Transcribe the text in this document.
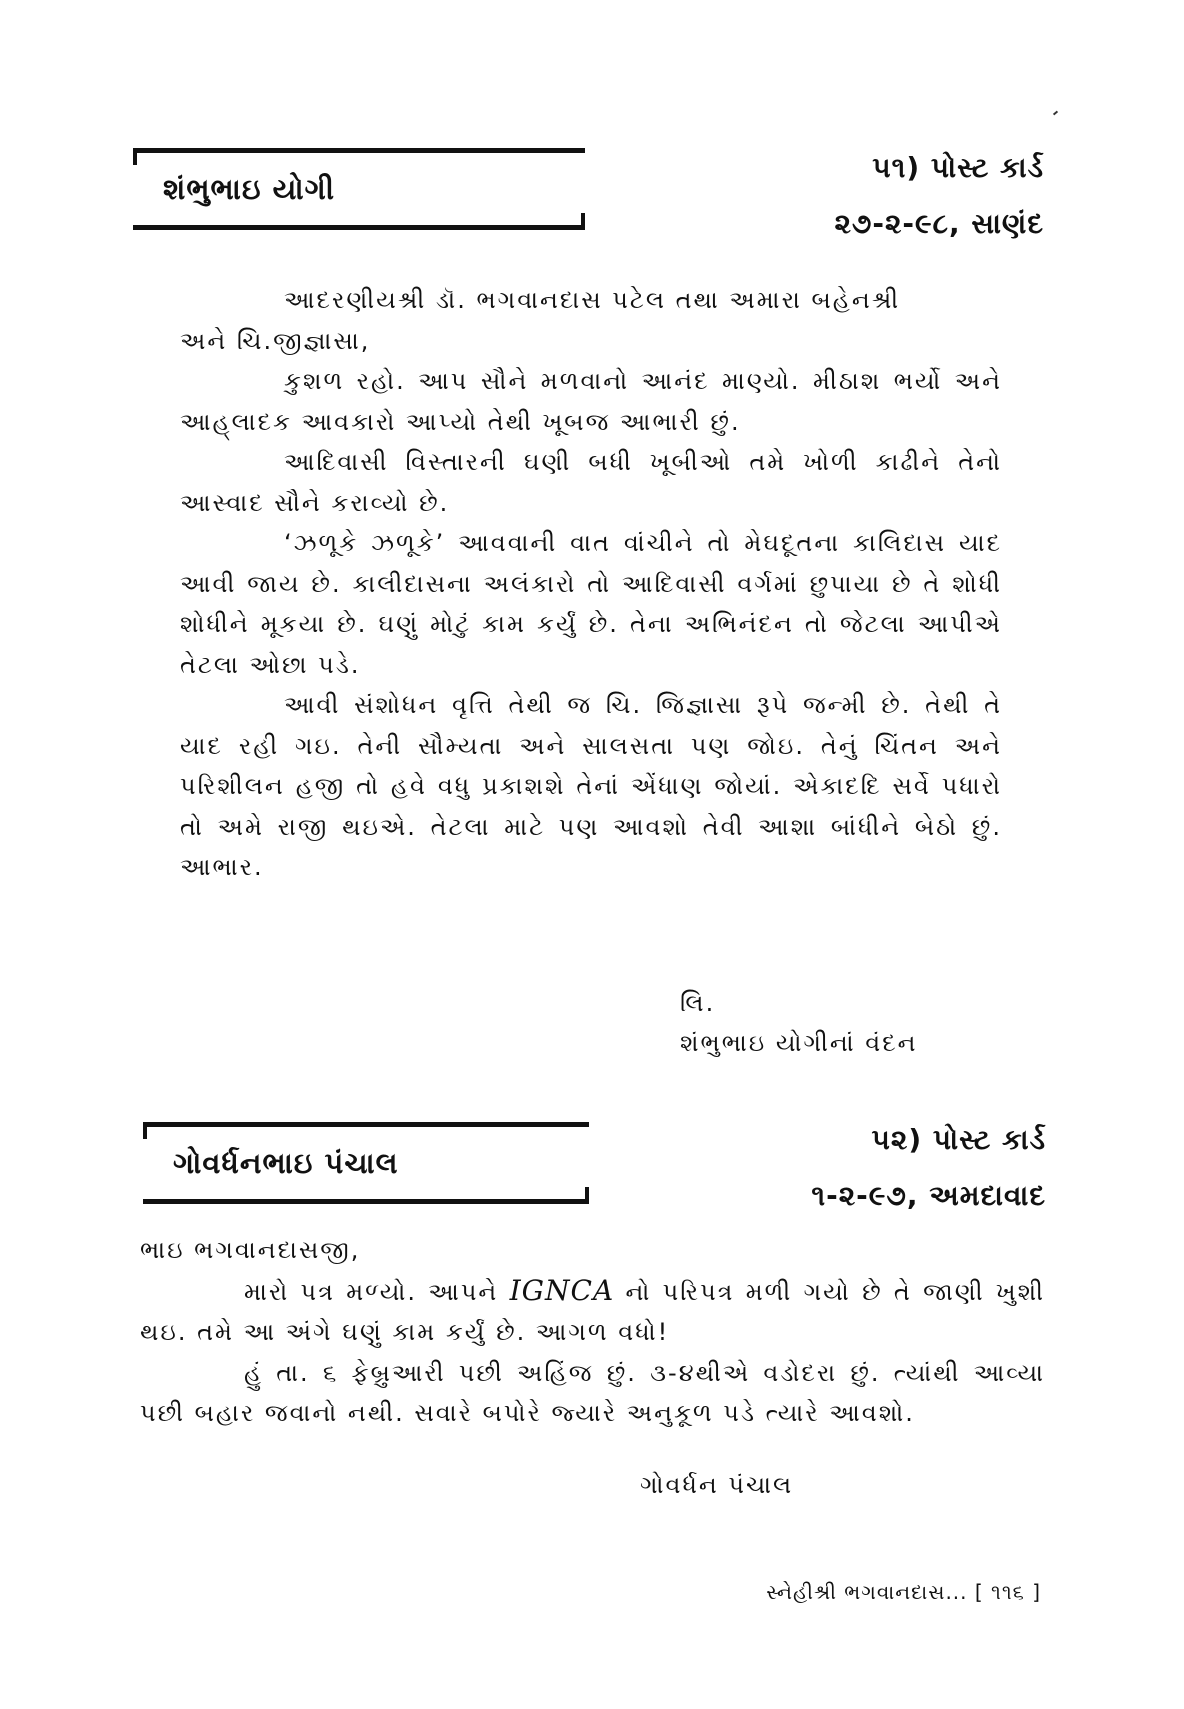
શંભુભાઇ યોગી
૫૧) પોસ્ટ કાર્ડ
૨૭-૨-૯૮, સાણંદ

આદરણીયશ્રી ડૉ. ભગવાનદાસ પટેલ તથા અમારા બહેનશ્રી

અને ચિ.જીજ્ઞાસા,

કુશળ રહો. આપ સૌને મળવાનો આનંદ માણ્યો. મીઠાશ ભર્યો અને આહ્‌લાદક આવકારો આપ્યો તેથી ખૂબજ આભારી છું.

આદિવાસી વિસ્તારની ઘણી બધી ખૂબીઓ તમે ખોળી કાઢીને તેનો આસ્વાદ સૌને કરાવ્યો છે.

‘ઝળૂકે ઝળૂકે’ આવવાની વાત વાંચીને તો મેઘદૂતના કાલિદાસ યાદ આવી જાય છે. કાલીદાસના અલંકારો તો આદિવાસી વર્ગમાં છુપાયા છે તે શોધી શોધીને મૂકયા છે. ઘણું મોટું કામ કર્યું છે. તેના અભિનંદન તો જેટલા આપીએ તેટલા ઓછા પડે.

આવી સંશોધન વૃત્તિ તેથી જ ચિ. જિજ્ઞાસા રૂપે જન્મી છે. તેથી તે યાદ રહી ગઇ. તેની સૌમ્યતા અને સાલસતા પણ જોઇ. તેનું ચિંતન અને પરિશીલન હજી તો હવે વધુ પ્રકાશશે તેનાં એંધાણ જોયાં. એકાદદિ સર્વે પધારો તો અમે રાજી થઇએ. તેટલા માટે પણ આવશો તેવી આશા બાંધીને બેઠો છું. આભાર.

લિ.
શંભુભાઇ યોગીનાં વંદન
ગોવર્ધનભાઇ પંચાલ
૫૨) પોસ્ટ કાર્ડ
૧-૨-૯૭, અમદાવાદ

ભાઇ ભગવાનદાસજી,

મારો પત્ર મળ્યો. આપને IGNCA નો પરિપત્ર મળી ગયો છે તે જાણી ખુશી થઇ. તમે આ અંગે ઘણું કામ કર્યું છે. આગળ વધો!

હું તા. ૬ ફેબ્રુઆરી પછી અહિંજ છું. ૩-૪થીએ વડોદરા છું. ત્યાંથી આવ્યા પછી બહાર જવાનો નથી. સવારે બપોરે જ્યારે અનુકૂળ પડે ત્યારે આવશો.

ગોવર્ધન પંચાલ
સ્નેહીશ્રી ભગવાનદાસ... [ ૧૧૬ ]
